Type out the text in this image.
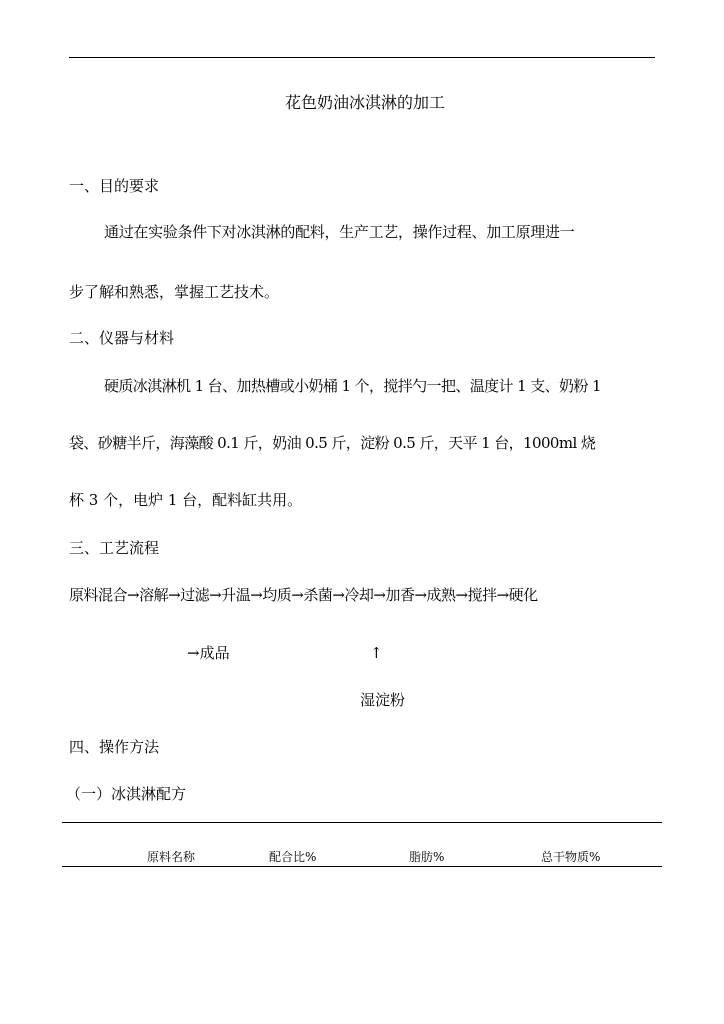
花色奶油冰淇淋的加工
一、目的要求
通过在实验条件下对冰淇淋的配料，生产工艺，操作过程、加工原理进一
步了解和熟悉，掌握工艺技术。
二、仪器与材料
硬质冰淇淋机 1 台、加热槽或小奶桶 1 个，搅拌勺一把、温度计 1 支、奶粉 1
袋、砂糖半斤，海藻酸 0.1 斤，奶油 0.5 斤，淀粉 0.5 斤，天平 1 台，1000ml 烧
杯 3 个，电炉 1 台，配料缸共用。
三、工艺流程
原料混合→溶解→过滤→升温→均质→杀菌→冷却→加香→成熟→搅拌→硬化
→成品	↑
湿淀粉
四、操作方法
（一）冰淇淋配方
原料名称	配合比%	脂肪%	总干物质%
